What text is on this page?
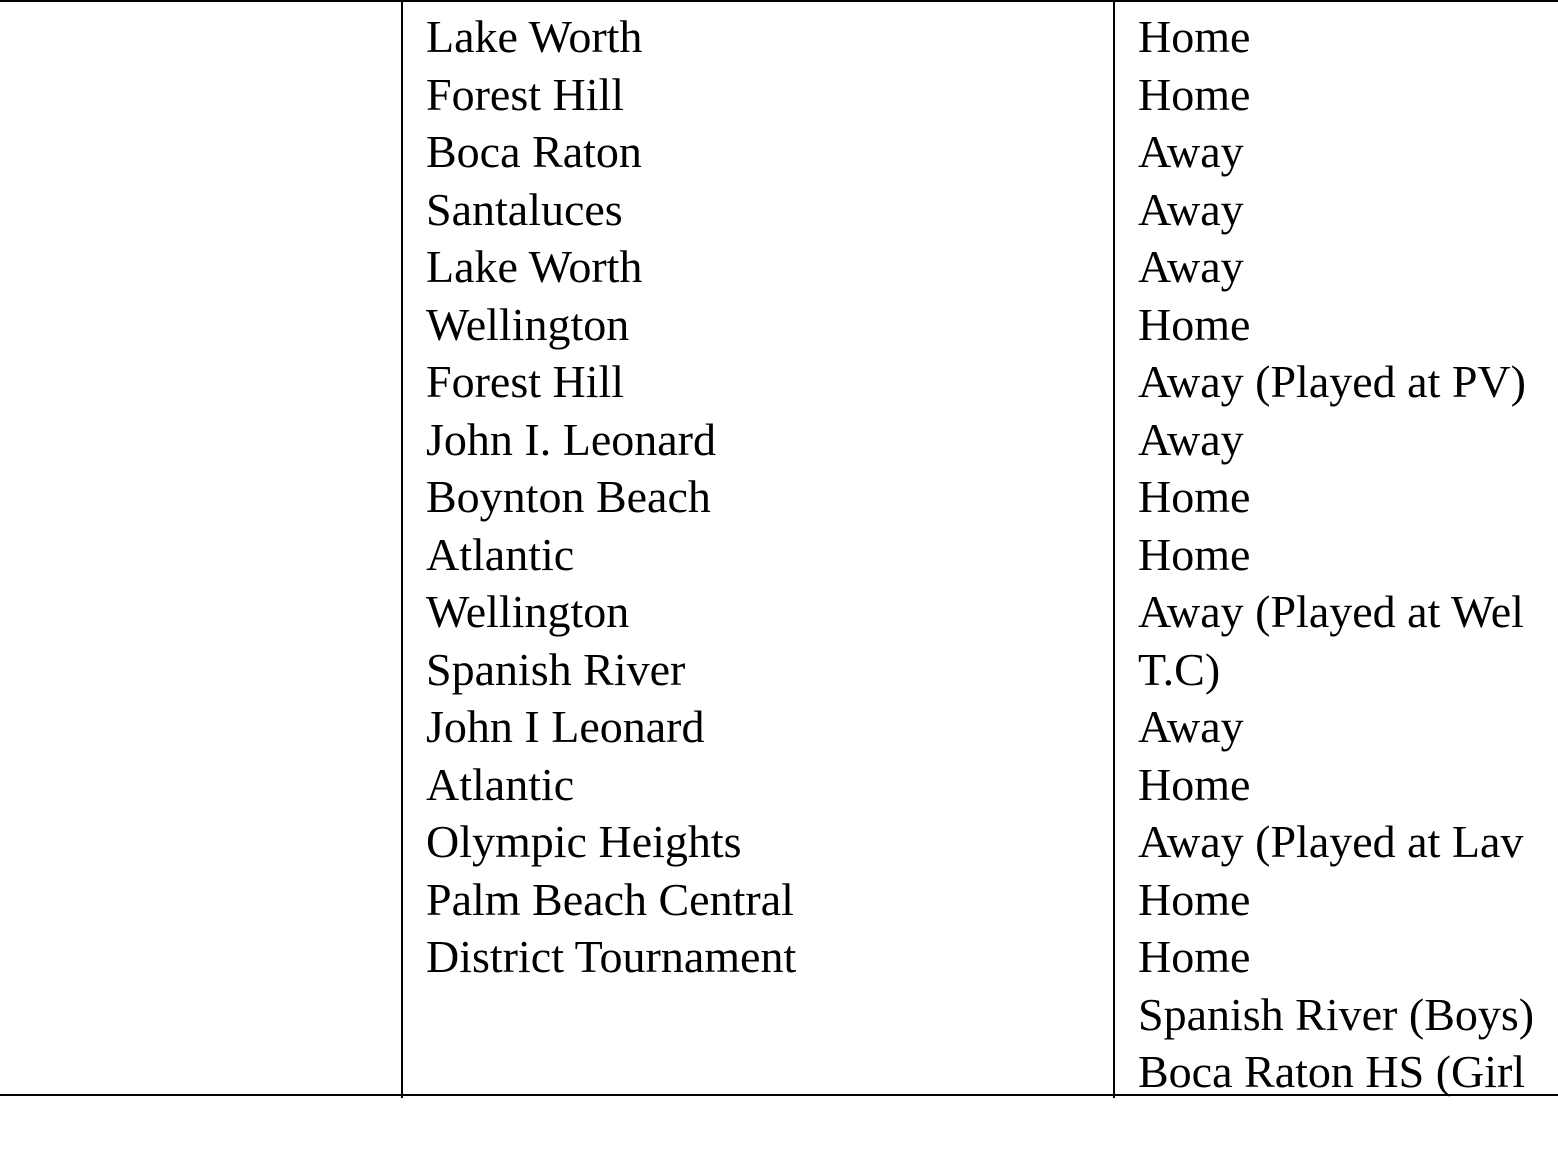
Lake Worth
Forest Hill
Boca Raton
Santaluces
Lake Worth
Wellington
Forest Hill
John I. Leonard
Boynton Beach
Atlantic
Wellington
Spanish River
John I Leonard
Atlantic
Olympic Heights
Palm Beach Central
District Tournament
Home
Home
Away
Away
Away
Home
Away (Played at PV)
Away
Home
Home
Away (Played at Wel
T.C)
Away
Home
Away (Played at Lav
Home
Home
Spanish River (Boys)
Boca Raton HS (Girl
